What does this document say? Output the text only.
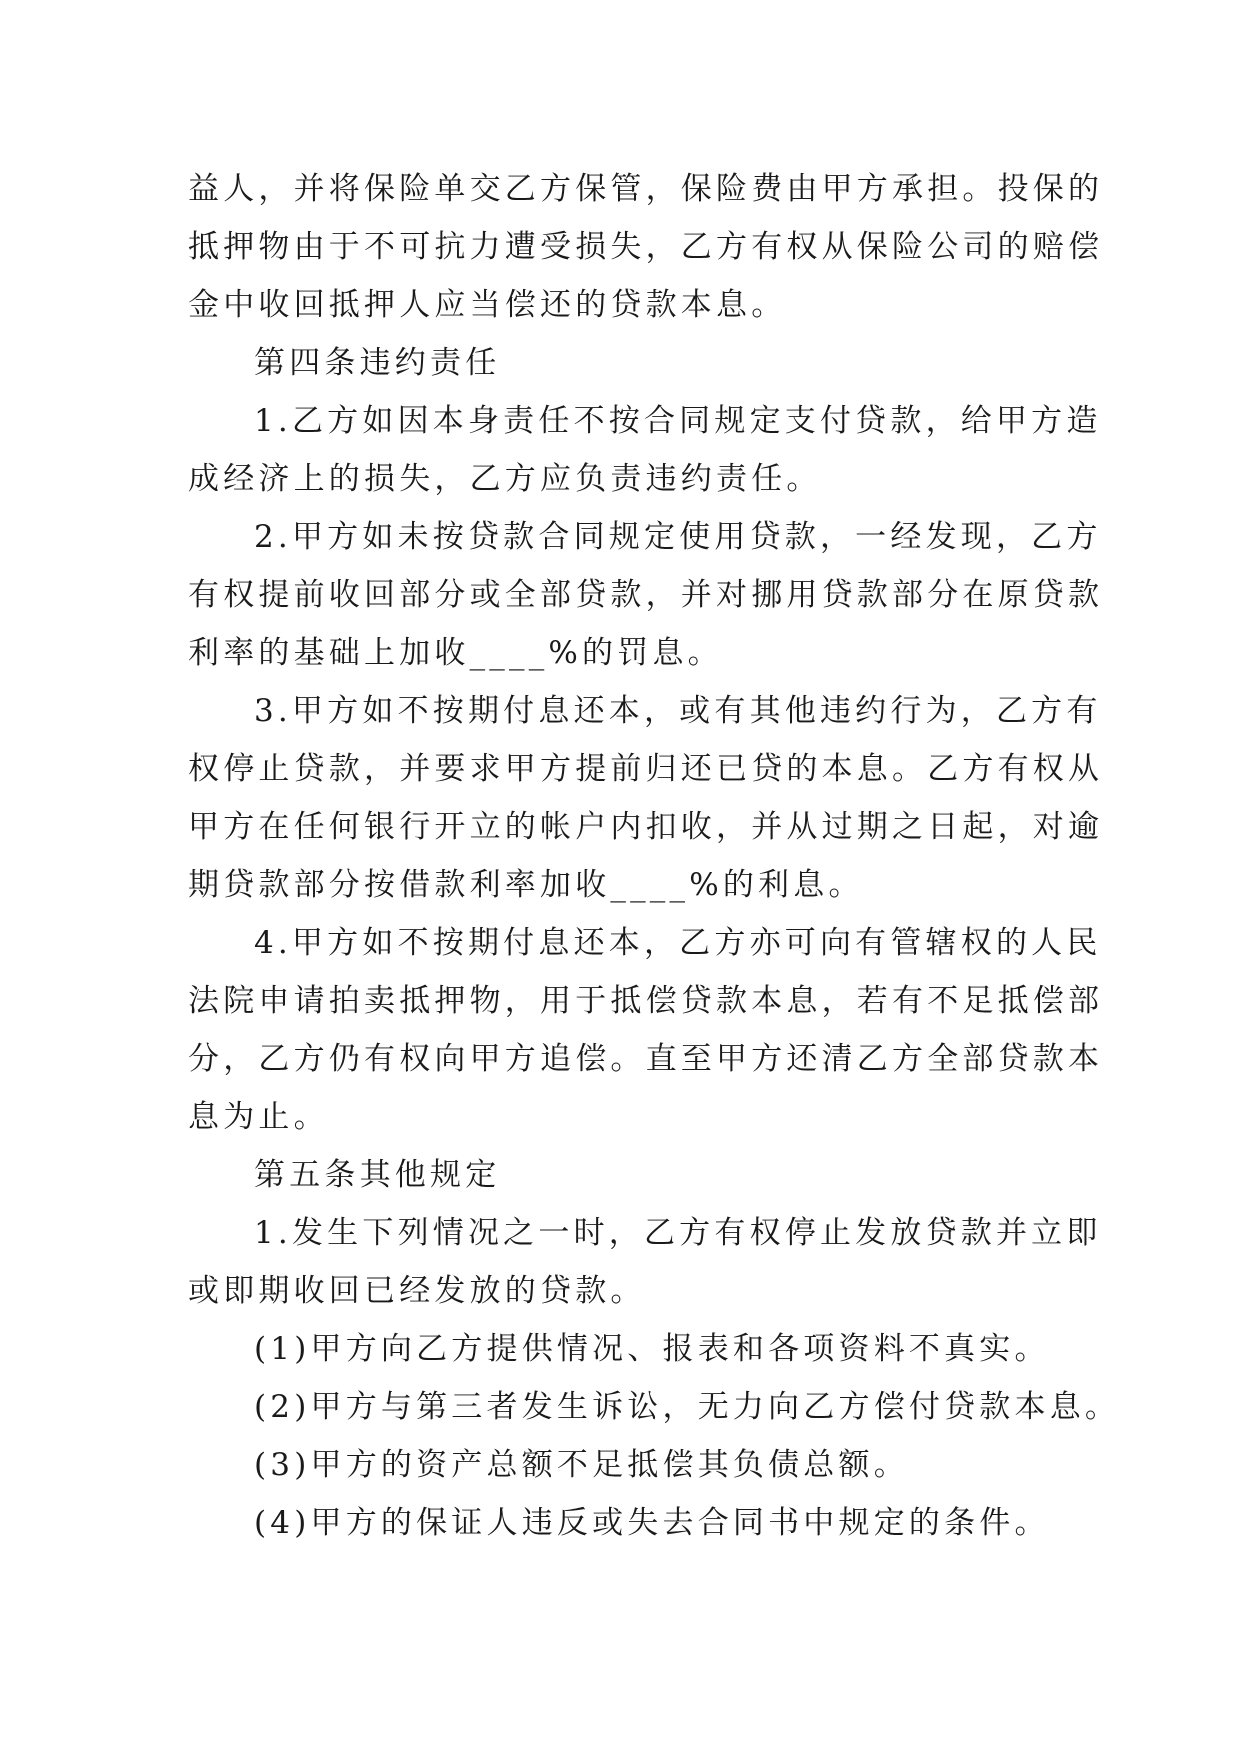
益人，并将保险单交乙方保管，保险费由甲方承担。投保的
抵押物由于不可抗力遭受损失，乙方有权从保险公司的赔偿
金中收回抵押人应当偿还的贷款本息。
第四条违约责任
1.乙方如因本身责任不按合同规定支付贷款，给甲方造
成经济上的损失，乙方应负责违约责任。
2.甲方如未按贷款合同规定使用贷款，一经发现，乙方
有权提前收回部分或全部贷款，并对挪用贷款部分在原贷款
利率的基础上加收____%的罚息。
3.甲方如不按期付息还本，或有其他违约行为，乙方有
权停止贷款，并要求甲方提前归还已贷的本息。乙方有权从
甲方在任何银行开立的帐户内扣收，并从过期之日起，对逾
期贷款部分按借款利率加收____%的利息。
4.甲方如不按期付息还本，乙方亦可向有管辖权的人民
法院申请拍卖抵押物，用于抵偿贷款本息，若有不足抵偿部
分，乙方仍有权向甲方追偿。直至甲方还清乙方全部贷款本
息为止。
第五条其他规定
1.发生下列情况之一时，乙方有权停止发放贷款并立即
或即期收回已经发放的贷款。
(1)甲方向乙方提供情况、报表和各项资料不真实。
(2)甲方与第三者发生诉讼，无力向乙方偿付贷款本息。
(3)甲方的资产总额不足抵偿其负债总额。
(4)甲方的保证人违反或失去合同书中规定的条件。
